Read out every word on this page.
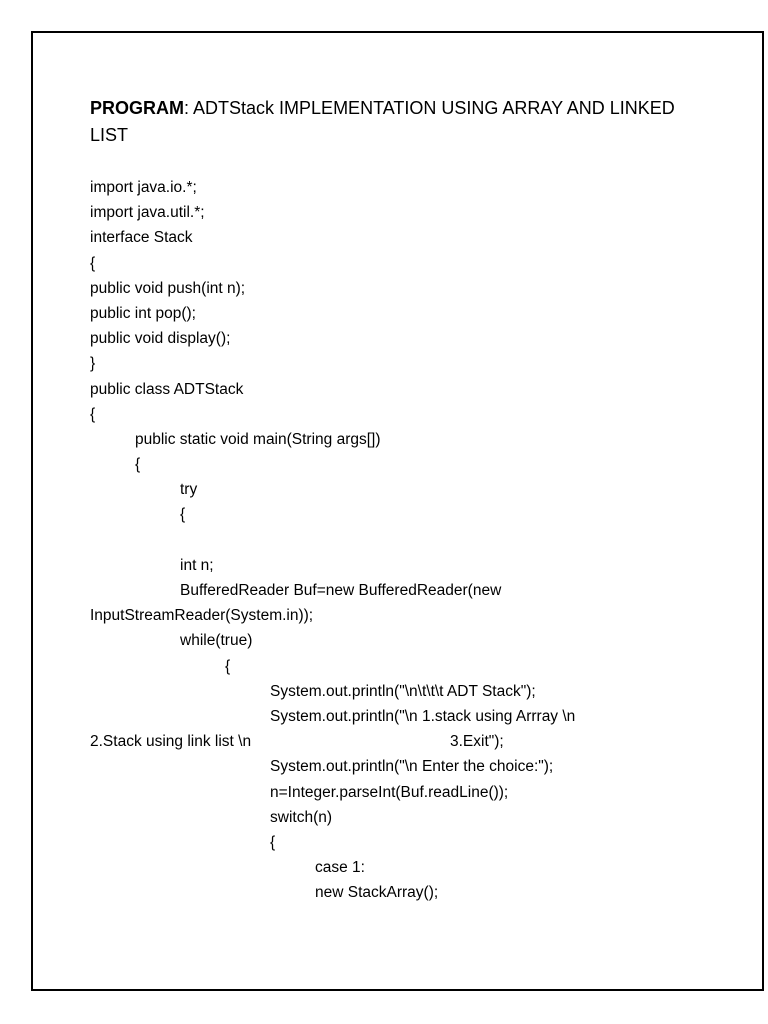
PROGRAM: ADTStack IMPLEMENTATION USING ARRAY AND LINKED LIST
import java.io.*;
import java.util.*;
interface Stack
{
public void push(int n);
public int pop();
public void display();
}
public class ADTStack
{
public static void main(String args[])
{
try
{
int n;
BufferedReader Buf=new BufferedReader(new
InputStreamReader(System.in));
while(true)
{
System.out.println("\n\t\t\t ADT Stack");
System.out.println("\n 1.stack using Arrray \n
2.Stack using link list \n	3.Exit");
System.out.println("\n Enter the choice:");
n=Integer.parseInt(Buf.readLine());
switch(n)
{
case 1:
new StackArray();
